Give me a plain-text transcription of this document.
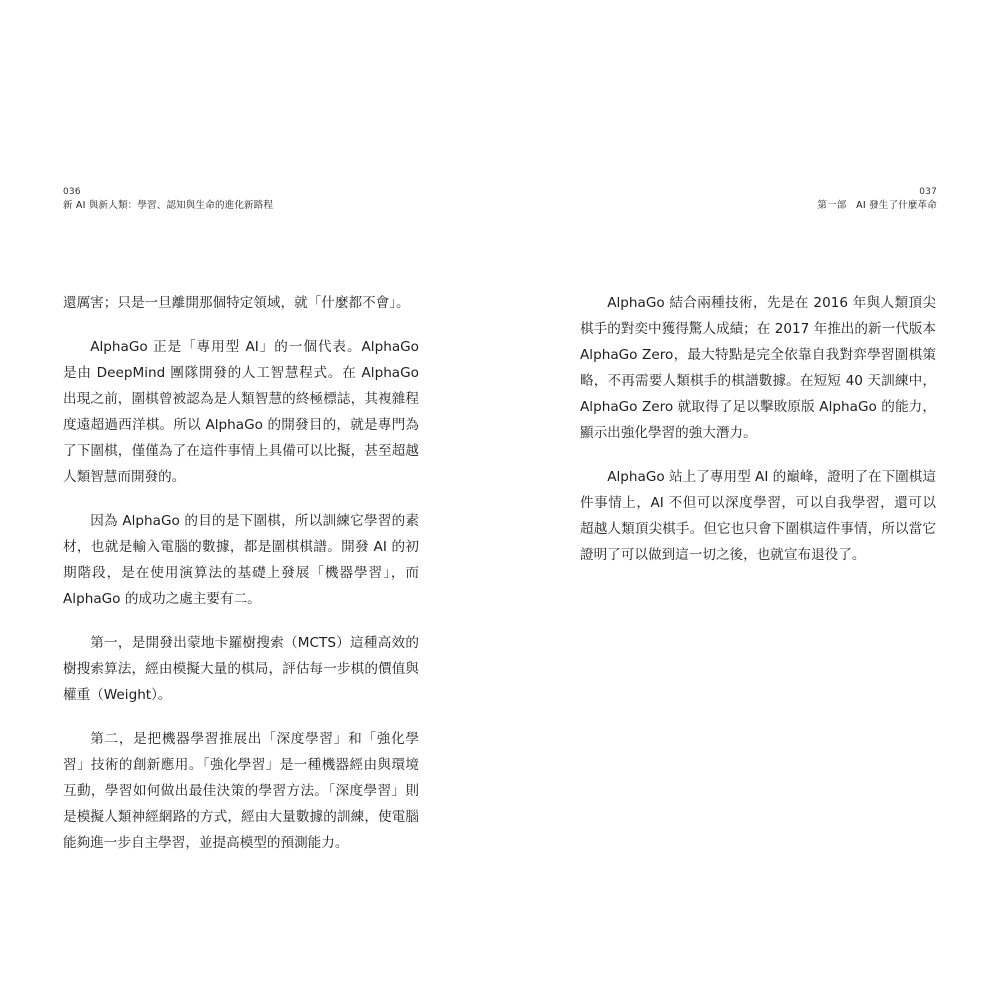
036
新 AI 與新人類：學習、認知與生命的進化新路程
037
第一部　AI 發生了什麼革命

還厲害；只是一旦離開那個特定領域，就「什麼都不會」。

AlphaGo 正是「專用型 AI」的一個代表。AlphaGo 是由 DeepMind 團隊開發的人工智慧程式。在 AlphaGo 出現之前，圍棋曾被認為是人類智慧的終極標誌，其複雜程度遠超過西洋棋。所以 AlphaGo 的開發目的，就是專門為了下圍棋，僅僅為了在這件事情上具備可以比擬，甚至超越人類智慧而開發的。

因為 AlphaGo 的目的是下圍棋，所以訓練它學習的素材，也就是輸入電腦的數據，都是圍棋棋譜。開發 AI 的初期階段，是在使用演算法的基礎上發展「機器學習」，而 AlphaGo 的成功之處主要有二。

第一，是開發出蒙地卡羅樹搜索（MCTS）這種高效的樹搜索算法，經由模擬大量的棋局，評估每一步棋的價值與權重（Weight）。

第二，是把機器學習推展出「深度學習」和「強化學習」技術的創新應用。「強化學習」是一種機器經由與環境互動，學習如何做出最佳決策的學習方法。「深度學習」則是模擬人類神經網路的方式，經由大量數據的訓練，使電腦能夠進一步自主學習，並提高模型的預測能力。

AlphaGo 結合兩種技術，先是在 2016 年與人類頂尖棋手的對奕中獲得驚人成績；在 2017 年推出的新一代版本 AlphaGo Zero，最大特點是完全依靠自我對弈學習圍棋策略，不再需要人類棋手的棋譜數據。在短短 40 天訓練中，AlphaGo Zero 就取得了足以擊敗原版 AlphaGo 的能力，顯示出強化學習的強大潛力。

AlphaGo 站上了專用型 AI 的巔峰，證明了在下圍棋這件事情上，AI 不但可以深度學習，可以自我學習，還可以超越人類頂尖棋手。但它也只會下圍棋這件事情，所以當它證明了可以做到這一切之後，也就宣布退役了。
